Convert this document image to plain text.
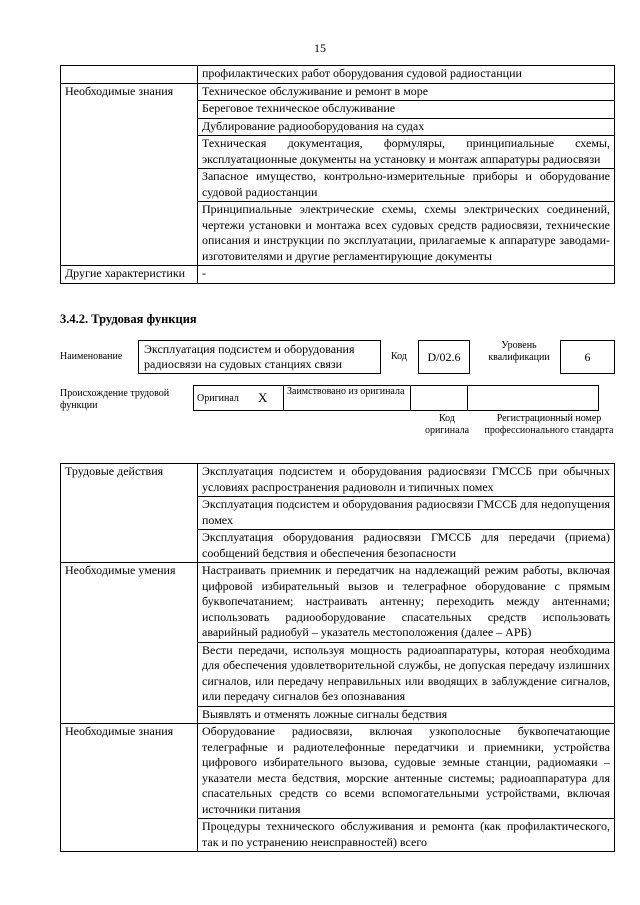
15
	профилактических работ оборудования судовой радиостанции
Необходимые знания	Техническое обслуживание и ремонт в море
	Береговое техническое обслуживание
	Дублирование радиооборудования на судах
	Техническая документация, формуляры, принципиальные схемы, эксплуатационные документы на установку и монтаж аппаратуры радиосвязи
	Запасное имущество, контрольно-измерительные приборы и оборудование судовой радиостанции
	Принципиальные электрические схемы, схемы электрических соединений, чертежи установки и монтажа всех судовых средств радиосвязи, технические описания и инструкции по эксплуатации, прилагаемые к аппаратуре заводами-изготовителями и другие регламентирующие документы
Другие характеристики	-
3.4.2. Трудовая функция
Наименование
Эксплуатация подсистем и оборудования радиосвязи на судовых станциях связи
Код	D/02.6
Уровень квалификации	6
Происхождение трудовой функции
Оригинал	X	Заимствовано из оригинала		
Код оригинала
Регистрационный номер профессионального стандарта
Трудовые действия	Эксплуатация подсистем и оборудования радиосвязи ГМССБ при обычных условиях распространения радиоволн и типичных помех
	Эксплуатация подсистем и оборудования радиосвязи ГМССБ для недопущения помех
	Эксплуатация оборудования радиосвязи ГМССБ для передачи (приема) сообщений бедствия и обеспечения безопасности
Необходимые умения	Настраивать приемник и передатчик на надлежащий режим работы, включая цифровой избирательный вызов и телеграфное оборудование с прямым буквопечатанием; настраивать антенну; переходить между антеннами; использовать радиооборудование спасательных средств использовать аварийный радиобуй – указатель местоположения (далее – АРБ)
	Вести передачи, используя мощность радиоаппаратуры, которая необходима для обеспечения удовлетворительной службы, не допуская передачу излишних сигналов, или передачу неправильных или вводящих в заблуждение сигналов, или передачу сигналов без опознавания
	Выявлять и отменять ложные сигналы бедствия
Необходимые знания	Оборудование радиосвязи, включая узкополосные буквопечатающие телеграфные и радиотелефонные передатчики и приемники, устройства цифрового избирательного вызова, судовые земные станции, радиомаяки – указатели места бедствия, морские антенные системы; радиоаппаратура для спасательных средств со всеми вспомогательными устройствами, включая источники питания
	Процедуры технического обслуживания и ремонта (как профилактического, так и по устранению неисправностей) всего
